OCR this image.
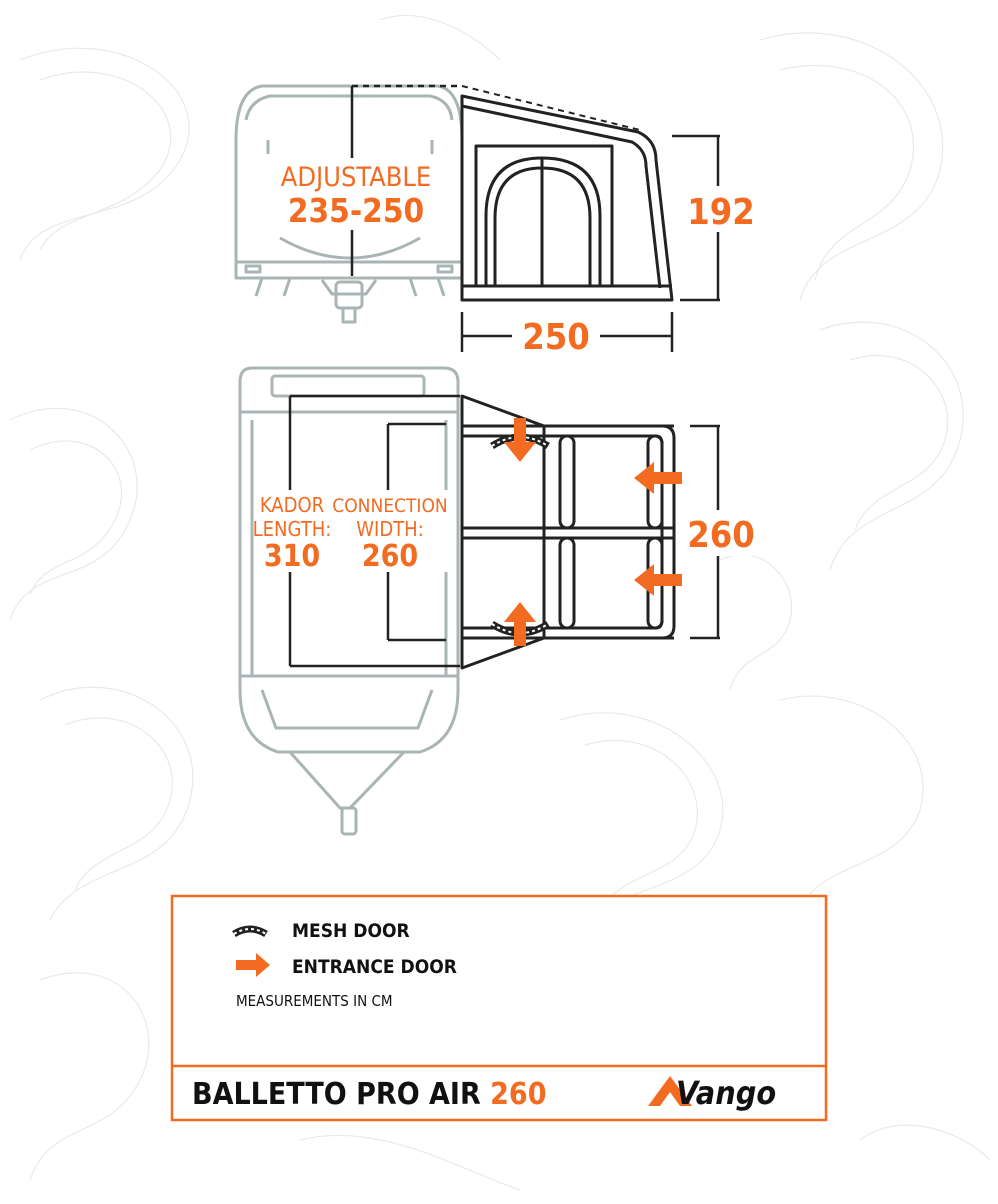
192
250
ADJUSTABLE
235-250
260
KADOR
LENGTH:
310
CONNECTION
WIDTH:
260
MESH DOOR
ENTRANCE DOOR
MEASUREMENTS IN CM
BALLETTO PRO AIR 260	Vango
